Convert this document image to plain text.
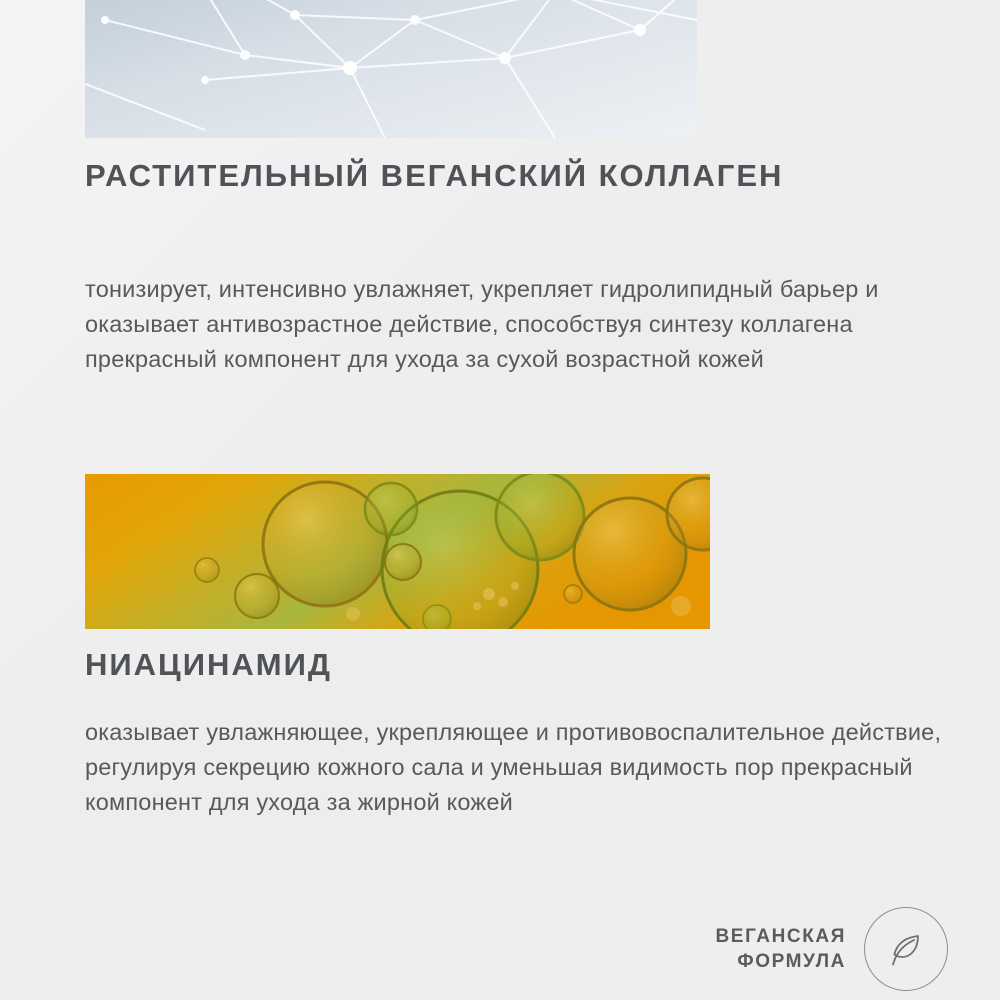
РАСТИТЕЛЬНЫЙ ВЕГАНСКИЙ КОЛЛАГЕН

тонизирует, интенсивно увлажняет, укрепляет гидролипидный барьер и оказывает антивозрастное действие, способствуя синтезу коллагена прекрасный компонент для ухода за сухой возрастной кожей

НИАЦИНАМИД

оказывает увлажняющее, укрепляющее и противовоспалительное действие, регулируя секрецию кожного сала и уменьшая видимость пор прекрасный компонент для ухода за жирной кожей

ВЕГАНСКАЯ
ФОРМУЛА
